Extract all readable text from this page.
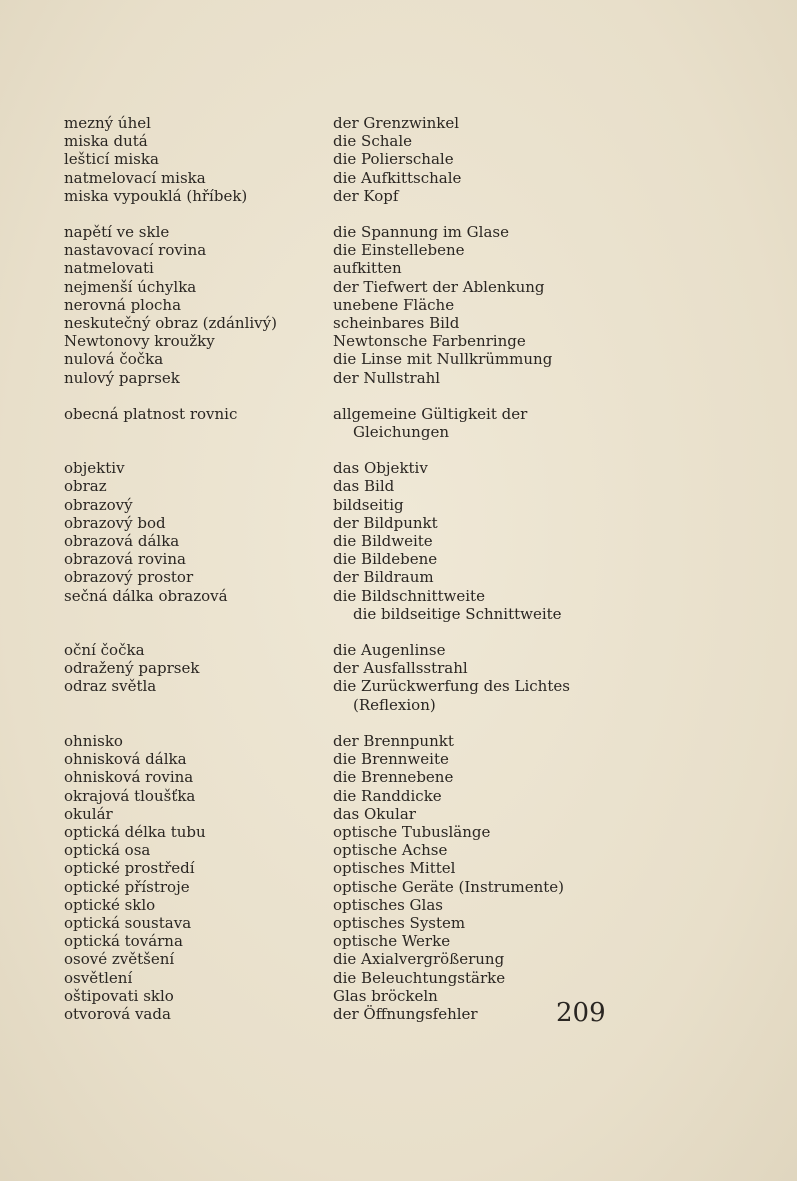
mezný úhel	der Grenzwinkel
miska dutá	die Schale
lešticí miska	die Polierschale
natmelovací miska	die Aufkittschale
miska vypouklá (hříbek)	der Kopf
napětí ve skle	die Spannung im Glase
nastavovací rovina	die Einstellebene
natmelovati	aufkitten
nejmenší úchylka	der Tiefwert der Ablenkung
nerovná plocha	unebene Fläche
neskutečný obraz (zdánlivý)	scheinbares Bild
Newtonovy kroužky	Newtonsche Farbenringe
nulová čočka	die Linse mit Nullkrümmung
nulový paprsek	der Nullstrahl
obecná platnost rovnic	allgemeine Gültigkeit der
Gleichungen
objektiv	das Objektiv
obraz	das Bild
obrazový	bildseitig
obrazový bod	der Bildpunkt
obrazová dálka	die Bildweite
obrazová rovina	die Bildebene
obrazový prostor	der Bildraum
sečná dálka obrazová	die Bildschnittweite
die bildseitige Schnittweite
oční čočka	die Augenlinse
odražený paprsek	der Ausfallsstrahl
odraz světla	die Zurückwerfung des Lichtes
(Reflexion)
ohnisko	der Brennpunkt
ohnisková dálka	die Brennweite
ohnisková rovina	die Brennebene
okrajová tloušťka	die Randdicke
okulár	das Okular
optická délka tubu	optische Tubuslänge
optická osa	optische Achse
optické prostředí	optisches Mittel
optické přístroje	optische Geräte (Instrumente)
optické sklo	optisches Glas
optická soustava	optisches System
optická továrna	optische Werke
osové zvětšení	die Axialvergrößerung
osvětlení	die Beleuchtungstärke
oštipovati sklo	Glas bröckeln
otvorová vada	der Öffnungsfehler	209
